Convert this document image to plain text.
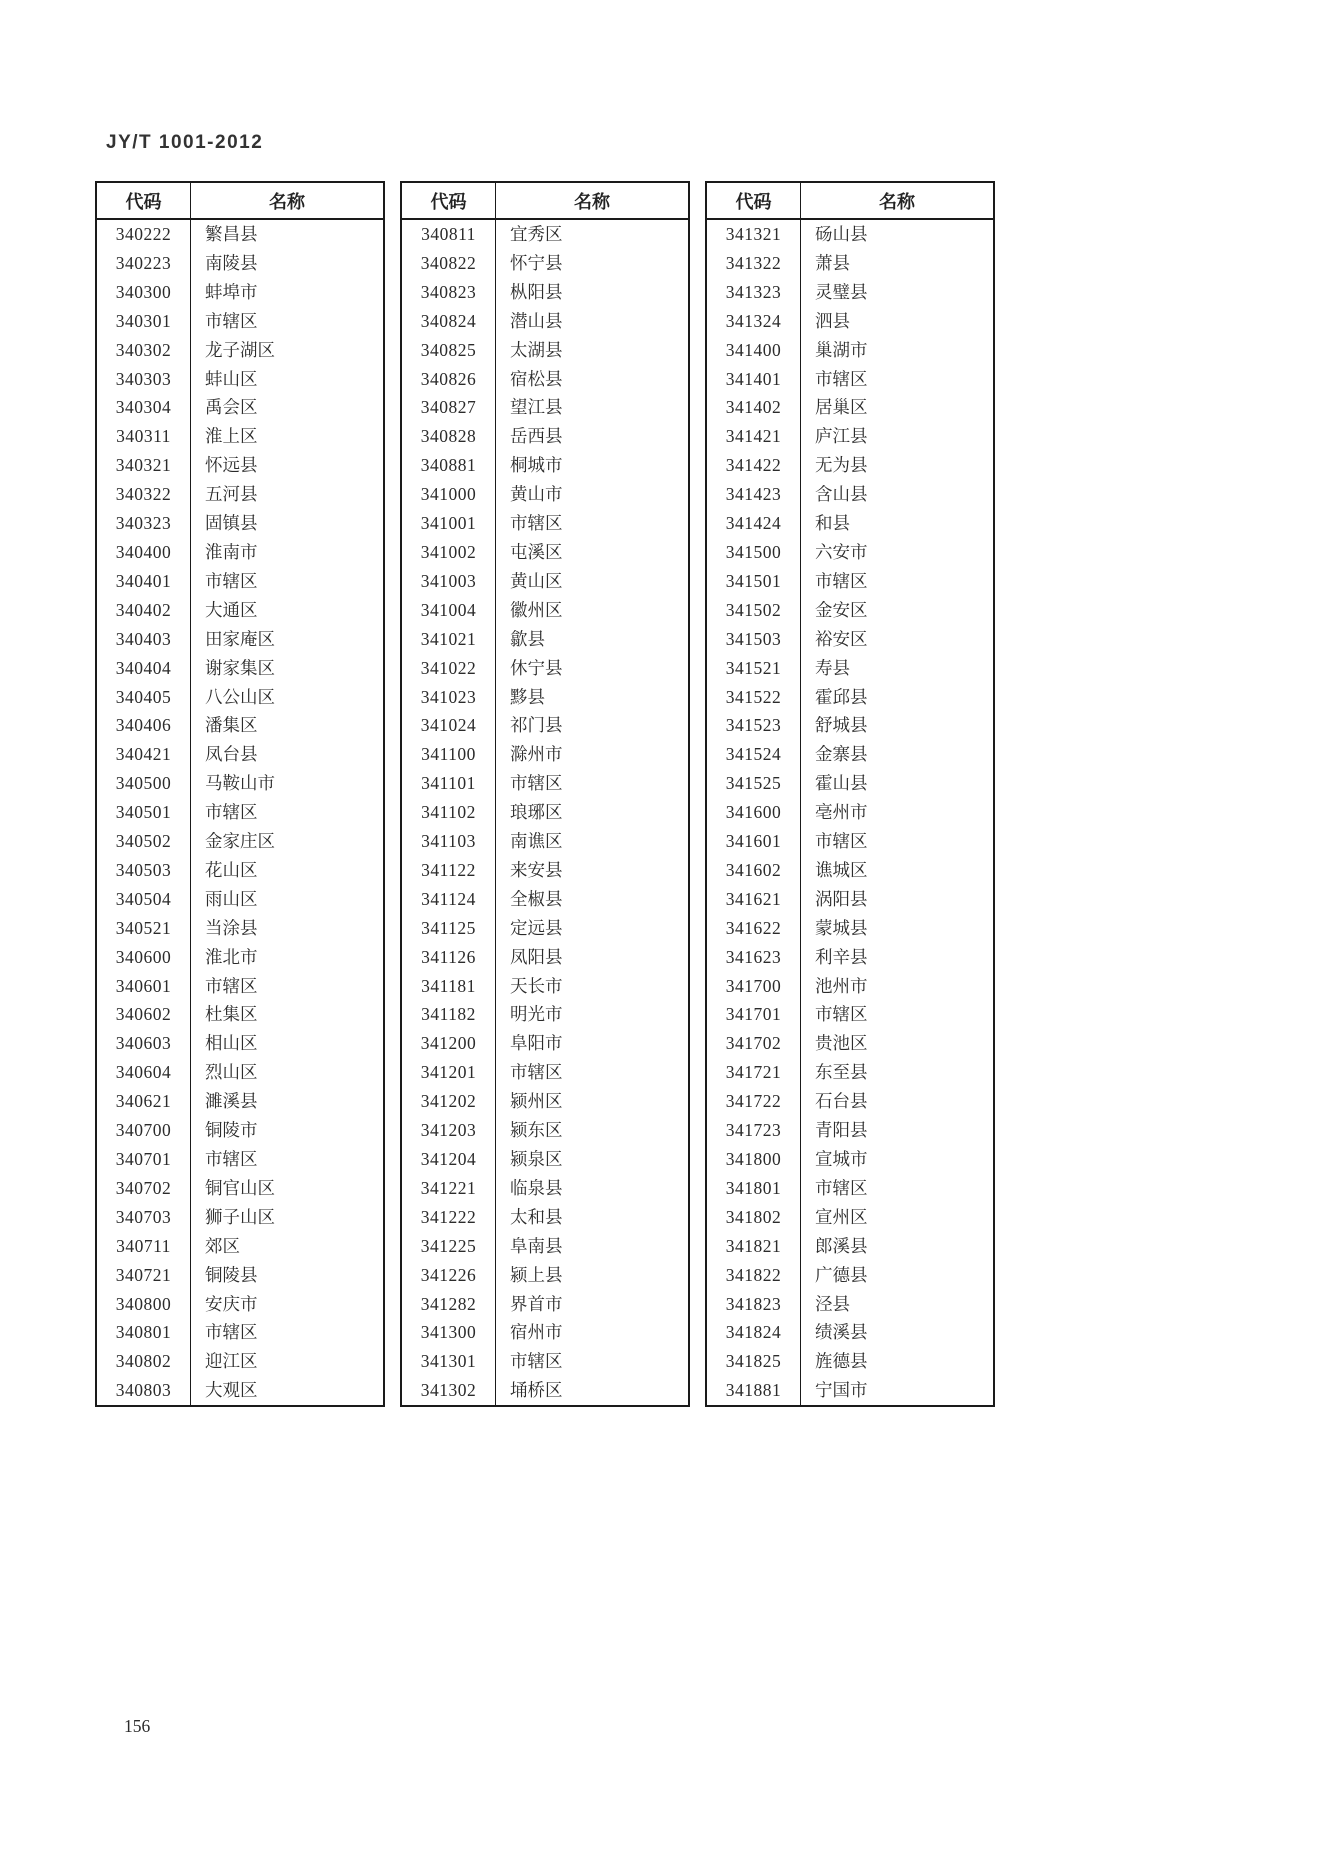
JY/T 1001-2012
代码	名称
340222	繁昌县
340223	南陵县
340300	蚌埠市
340301	市辖区
340302	龙子湖区
340303	蚌山区
340304	禹会区
340311	淮上区
340321	怀远县
340322	五河县
340323	固镇县
340400	淮南市
340401	市辖区
340402	大通区
340403	田家庵区
340404	谢家集区
340405	八公山区
340406	潘集区
340421	凤台县
340500	马鞍山市
340501	市辖区
340502	金家庄区
340503	花山区
340504	雨山区
340521	当涂县
340600	淮北市
340601	市辖区
340602	杜集区
340603	相山区
340604	烈山区
340621	濉溪县
340700	铜陵市
340701	市辖区
340702	铜官山区
340703	狮子山区
340711	郊区
340721	铜陵县
340800	安庆市
340801	市辖区
340802	迎江区
340803	大观区
代码	名称
340811	宜秀区
340822	怀宁县
340823	枞阳县
340824	潜山县
340825	太湖县
340826	宿松县
340827	望江县
340828	岳西县
340881	桐城市
341000	黄山市
341001	市辖区
341002	屯溪区
341003	黄山区
341004	徽州区
341021	歙县
341022	休宁县
341023	黟县
341024	祁门县
341100	滁州市
341101	市辖区
341102	琅琊区
341103	南谯区
341122	来安县
341124	全椒县
341125	定远县
341126	凤阳县
341181	天长市
341182	明光市
341200	阜阳市
341201	市辖区
341202	颍州区
341203	颍东区
341204	颍泉区
341221	临泉县
341222	太和县
341225	阜南县
341226	颍上县
341282	界首市
341300	宿州市
341301	市辖区
341302	埇桥区
代码	名称
341321	砀山县
341322	萧县
341323	灵璧县
341324	泗县
341400	巢湖市
341401	市辖区
341402	居巢区
341421	庐江县
341422	无为县
341423	含山县
341424	和县
341500	六安市
341501	市辖区
341502	金安区
341503	裕安区
341521	寿县
341522	霍邱县
341523	舒城县
341524	金寨县
341525	霍山县
341600	亳州市
341601	市辖区
341602	谯城区
341621	涡阳县
341622	蒙城县
341623	利辛县
341700	池州市
341701	市辖区
341702	贵池区
341721	东至县
341722	石台县
341723	青阳县
341800	宣城市
341801	市辖区
341802	宣州区
341821	郎溪县
341822	广德县
341823	泾县
341824	绩溪县
341825	旌德县
341881	宁国市
156
